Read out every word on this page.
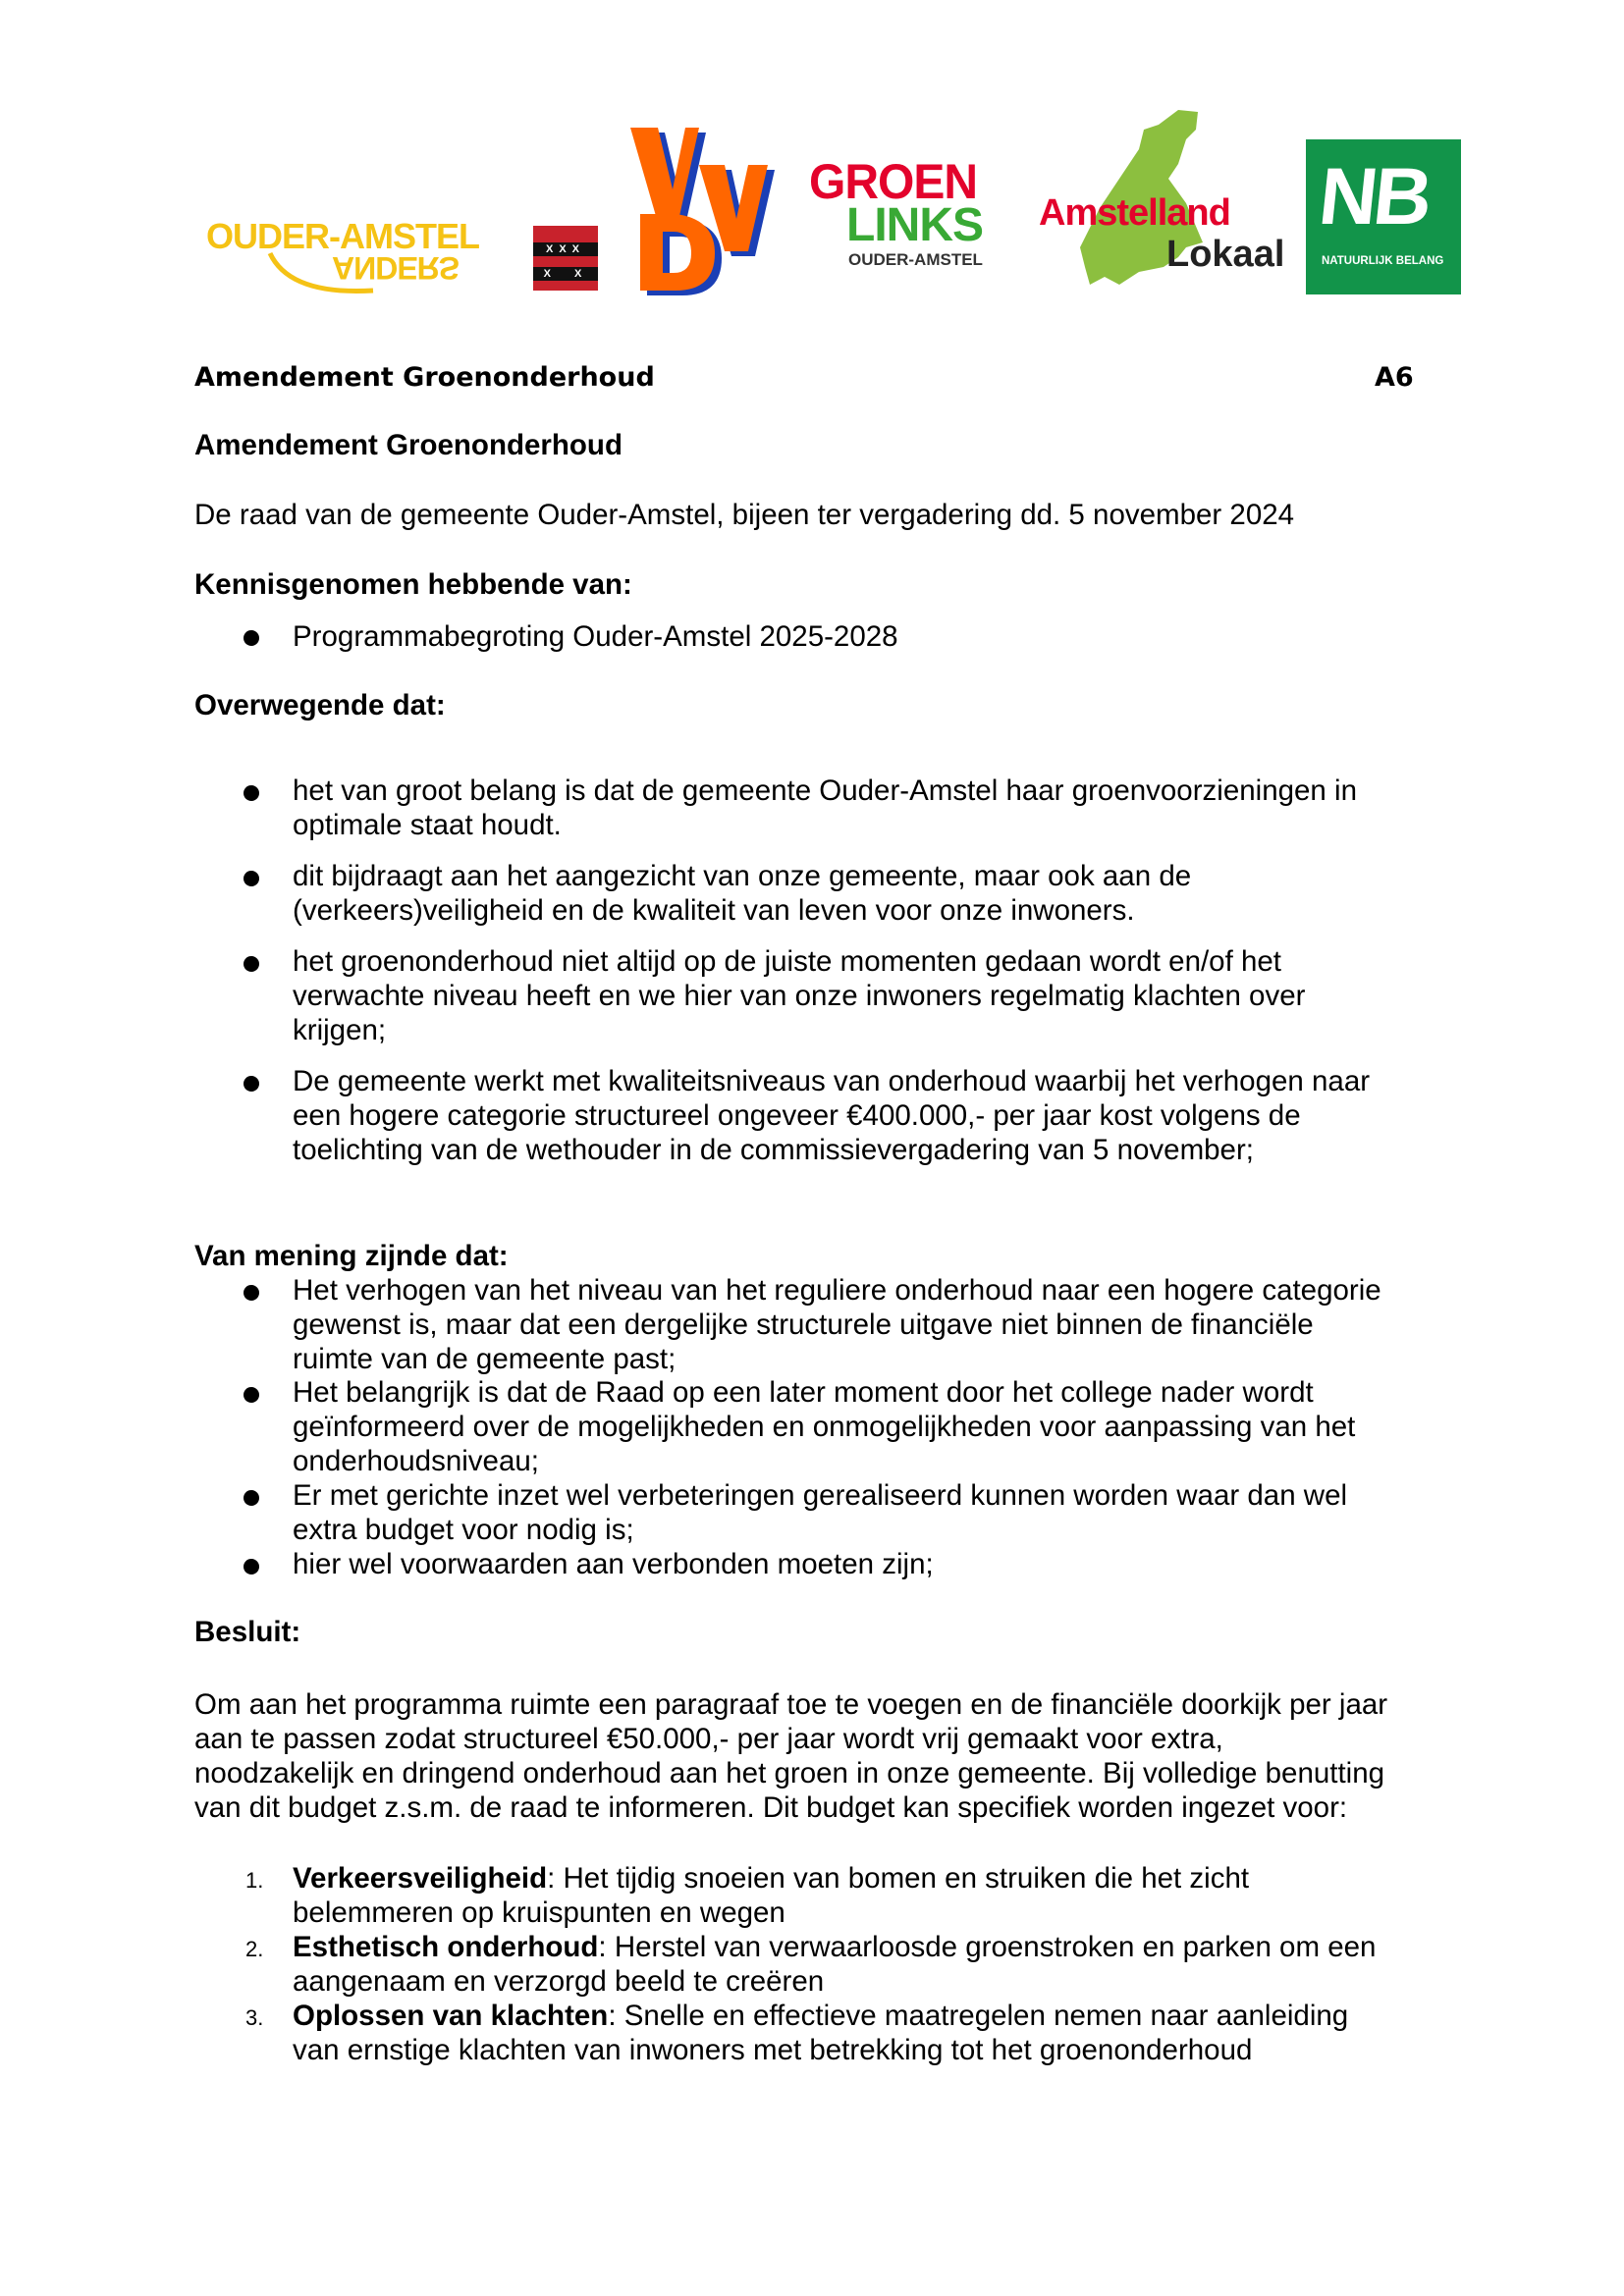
OUDER-AMSTEL
ANDERS
XXX
X  X
GROEN
LINKS
OUDER-AMSTEL
Amstelland
Lokaal
NB
NATUURLIJK BELANG
Amendement Groenonderhoud	A6
Amendement Groenonderhoud
De raad van de gemeente Ouder-Amstel, bijeen ter vergadering dd. 5 november 2024
Kennisgenomen hebbende van:
Programmabegroting Ouder-Amstel 2025-2028
Overwegende dat:
het van groot belang is dat de gemeente Ouder-Amstel haar groenvoorzieningen in
optimale staat houdt.
dit bijdraagt aan het aangezicht van onze gemeente, maar ook aan de
(verkeers)veiligheid en de kwaliteit van leven voor onze inwoners.
het groenonderhoud niet altijd op de juiste momenten gedaan wordt en/of het
verwachte niveau heeft en we hier van onze inwoners regelmatig klachten over
krijgen;
De gemeente werkt met kwaliteitsniveaus van onderhoud waarbij het verhogen naar
een hogere categorie structureel ongeveer €400.000,- per jaar kost volgens de
toelichting van de wethouder in de commissievergadering van 5 november;
Van mening zijnde dat:
Het verhogen van het niveau van het reguliere onderhoud naar een hogere categorie
gewenst is, maar dat een dergelijke structurele uitgave niet binnen de financiële
ruimte van de gemeente past;
Het belangrijk is dat de Raad op een later moment door het college nader wordt
geïnformeerd over de mogelijkheden en onmogelijkheden voor aanpassing van het
onderhoudsniveau;
Er met gerichte inzet wel verbeteringen gerealiseerd kunnen worden waar dan wel
extra budget voor nodig is;
hier wel voorwaarden aan verbonden moeten zijn;
Besluit:
Om aan het programma ruimte een paragraaf toe te voegen en de financiële doorkijk per jaar
aan te passen zodat structureel €50.000,- per jaar wordt vrij gemaakt voor extra,
noodzakelijk en dringend onderhoud aan het groen in onze gemeente. Bij volledige benutting
van dit budget z.s.m. de raad te informeren. Dit budget kan specifiek worden ingezet voor:
1. Verkeersveiligheid: Het tijdig snoeien van bomen en struiken die het zicht
belemmeren op kruispunten en wegen
2. Esthetisch onderhoud: Herstel van verwaarloosde groenstroken en parken om een
aangenaam en verzorgd beeld te creëren
3. Oplossen van klachten: Snelle en effectieve maatregelen nemen naar aanleiding
van ernstige klachten van inwoners met betrekking tot het groenonderhoud
